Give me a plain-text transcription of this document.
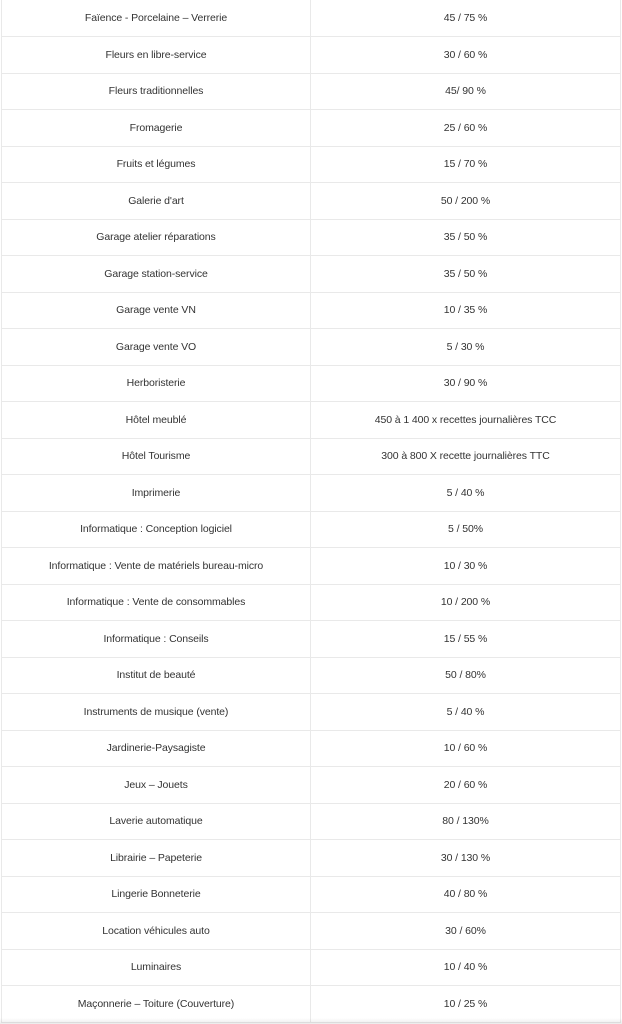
Faïence - Porcelaine – Verrerie	45 / 75 %
Fleurs en libre-service	30 / 60 %
Fleurs traditionnelles	45/ 90 %
Fromagerie	25 / 60 %
Fruits et légumes	15 / 70 %
Galerie d'art	50 / 200 %
Garage atelier réparations	35 / 50 %
Garage station-service	35 / 50 %
Garage vente VN	10 / 35 %
Garage vente VO	5 / 30 %
Herboristerie	30 / 90 %
Hôtel meublé	450 à 1 400 x recettes journalières TCC
Hôtel Tourisme	300 à 800 X recette journalières TTC
Imprimerie	5 / 40 %
Informatique : Conception logiciel	5 / 50%
Informatique : Vente de matériels bureau-micro	10 / 30 %
Informatique : Vente de consommables	10 / 200 %
Informatique : Conseils	15 / 55 %
Institut de beauté	50 / 80%
Instruments de musique (vente)	5 / 40 %
Jardinerie-Paysagiste	10 / 60 %
Jeux – Jouets	20 / 60 %
Laverie automatique	80 / 130%
Librairie – Papeterie	30 / 130 %
Lingerie Bonneterie	40 / 80 %
Location véhicules auto	30 / 60%
Luminaires	10 / 40 %
Maçonnerie – Toiture (Couverture)	10 / 25 %
